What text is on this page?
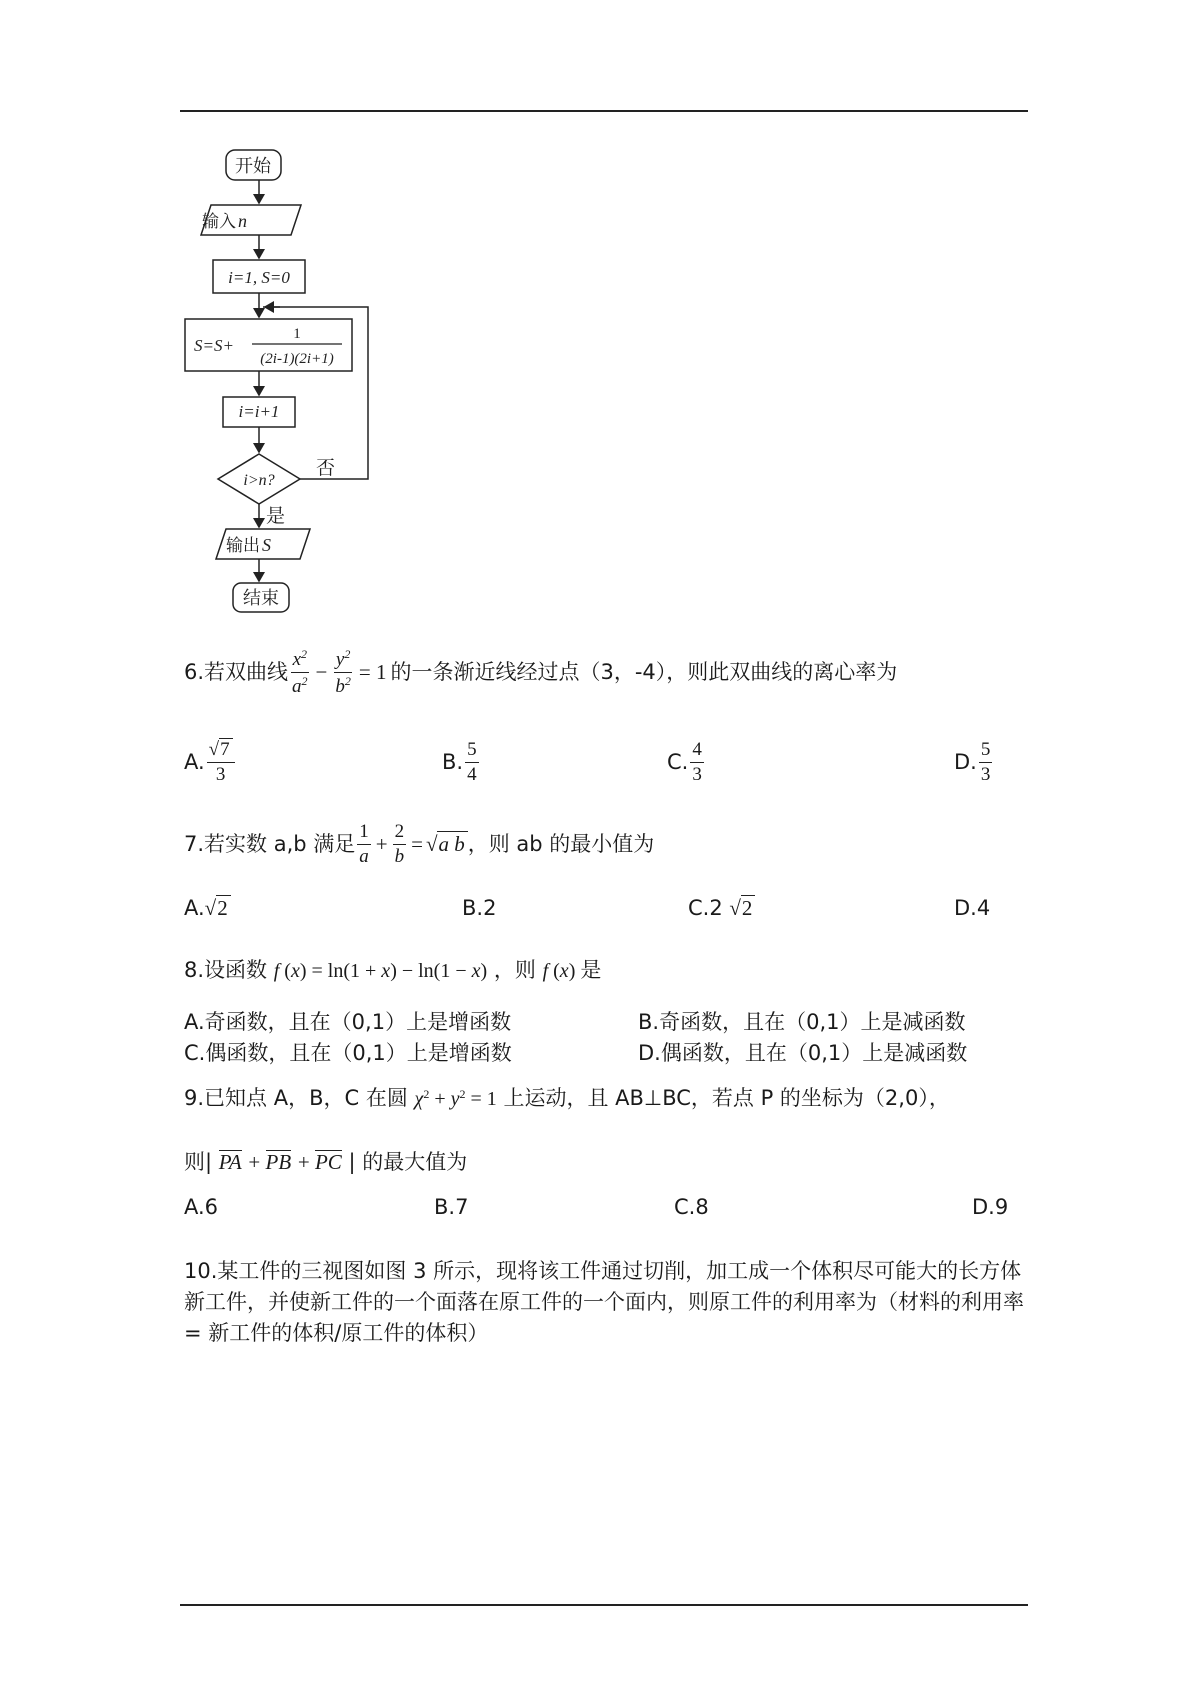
开始
输入 n
i=1, S=0
S=S+
1
(2i-1)(2i+1)
i=i+1
i>n?
否
是
输出 S
结束
6.若双曲线 $\frac{x^2}{a^2} - \frac{y^2}{b^2} = 1$ 的一条渐近线经过点（3，-4），则此双曲线的离心率为
A. $\frac{√7}{3}$	B. $\frac{5}{4}$	C. $\frac{4}{3}$	D. $\frac{5}{3}$
7.若实数 a,b 满足 $\frac{1}{a} + \frac{2}{b} = √a$ b ，则 ab 的最小值为
A.√2	B.2	C.2 √2	D.4
8.设函数 f (x) = ln(1 + x) − ln(1 − x) ，则 f (x) 是
A.奇函数，且在（0,1）上是增函数	B.奇函数，且在（0,1）上是减函数
C.偶函数，且在（0,1）上是增函数	D.偶函数，且在（0,1）上是减函数
9.已知点 A，B，C 在圆 $\chi^2 + y^2 = 1$ 上运动，且 AB⊥BC，若点 P 的坐标为（2,0），
则| PA + PB + PC | 的最大值为
A.6	B.7	C.8	D.9
10.某工件的三视图如图 3 所示，现将该工件通过切削，加工成一个体积尽可能大的长方体新工件，并使新工件的一个面落在原工件的一个面内，则原工件的利用率为（材料的利用率= 新工件的体积/原工件的体积）
